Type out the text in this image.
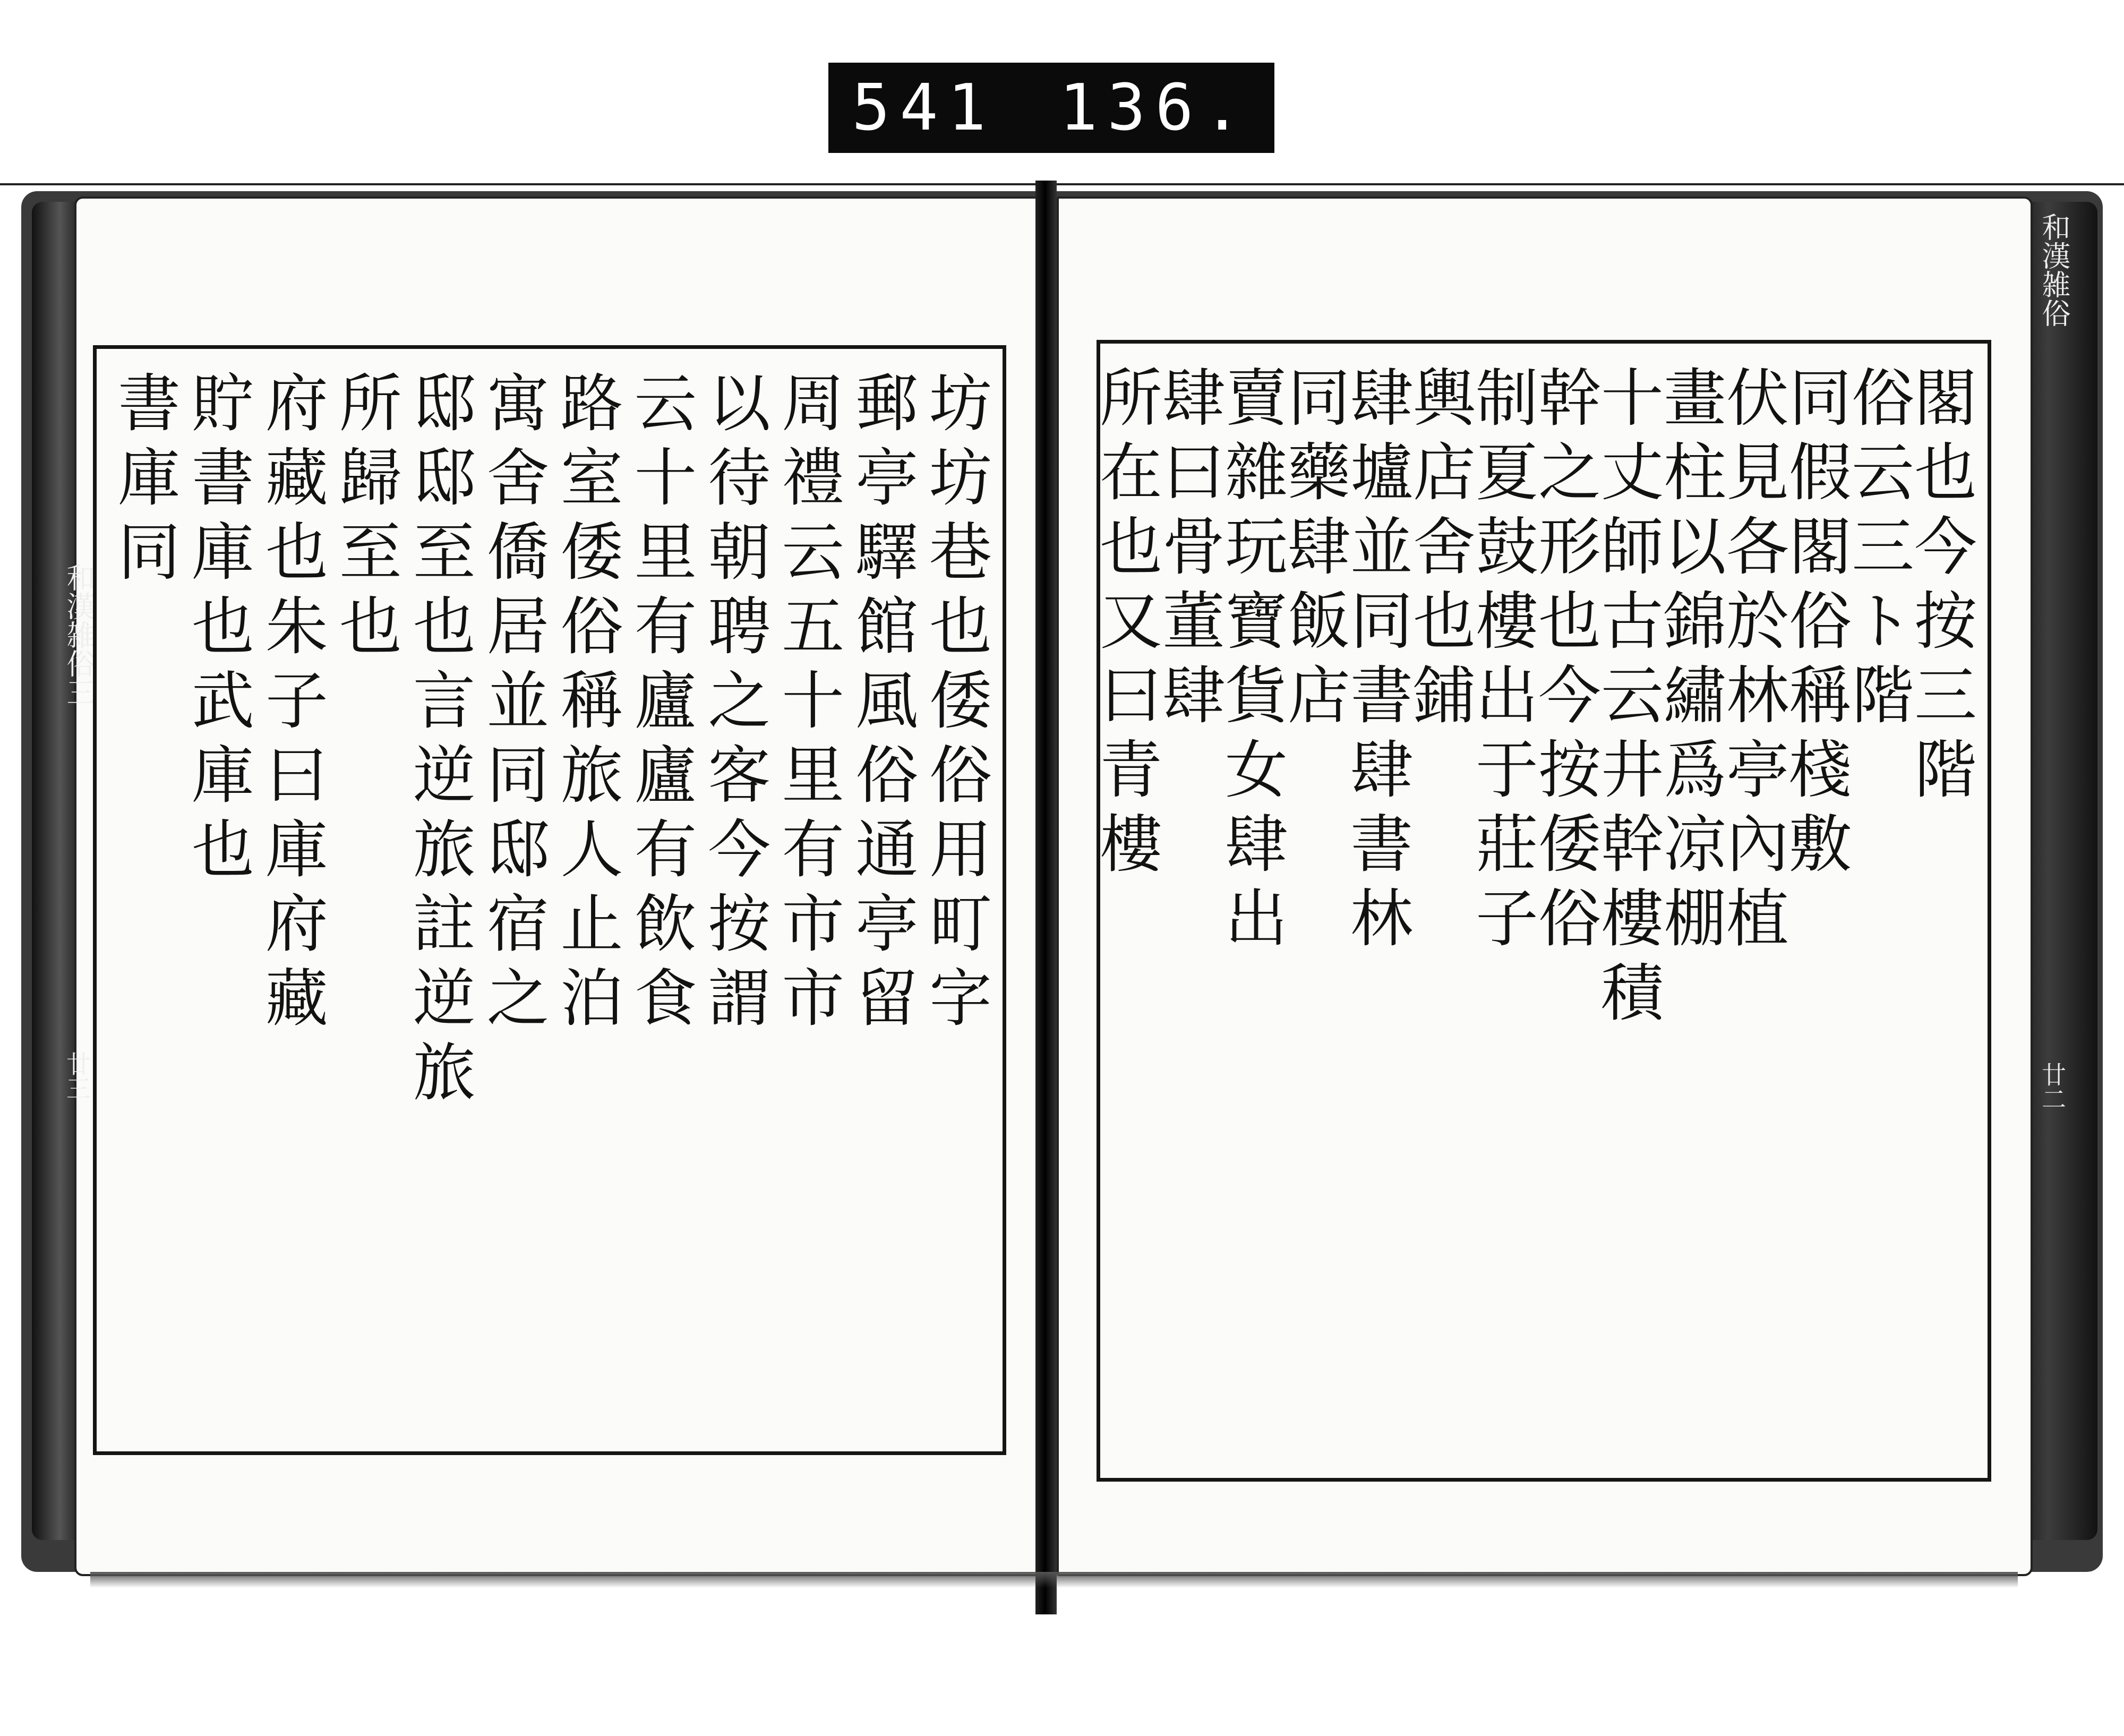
541 136.
和漢雑俗三
廿三
和漢雑俗
廿二
閣也今按三階
俗云三ト階
同假閣俗稱棧敷
伏見各於林亭內植
畫柱以錦繡爲凉棚
十丈師古云井幹樓積
幹之形也今按倭俗
制夏鼓樓出于莊子
輿店舍也鋪
肆壚並同書肆書林
同藥肆飯店
賣雜玩寶貨女肆出
肆曰骨董肆
所在也又曰青樓
坊坊巷也倭俗用町字
郵亭驛館風俗通亭留
周禮云五十里有市市
以待朝聘之客今按謂
云十里有廬廬有飲食
路室倭俗稱旅人止泊
寓舍僑居並同邸宿之
邸邸至也言逆旅註逆旅
所歸至也
府藏也朱子曰庫府藏
貯書庫也武庫也
書庫同
